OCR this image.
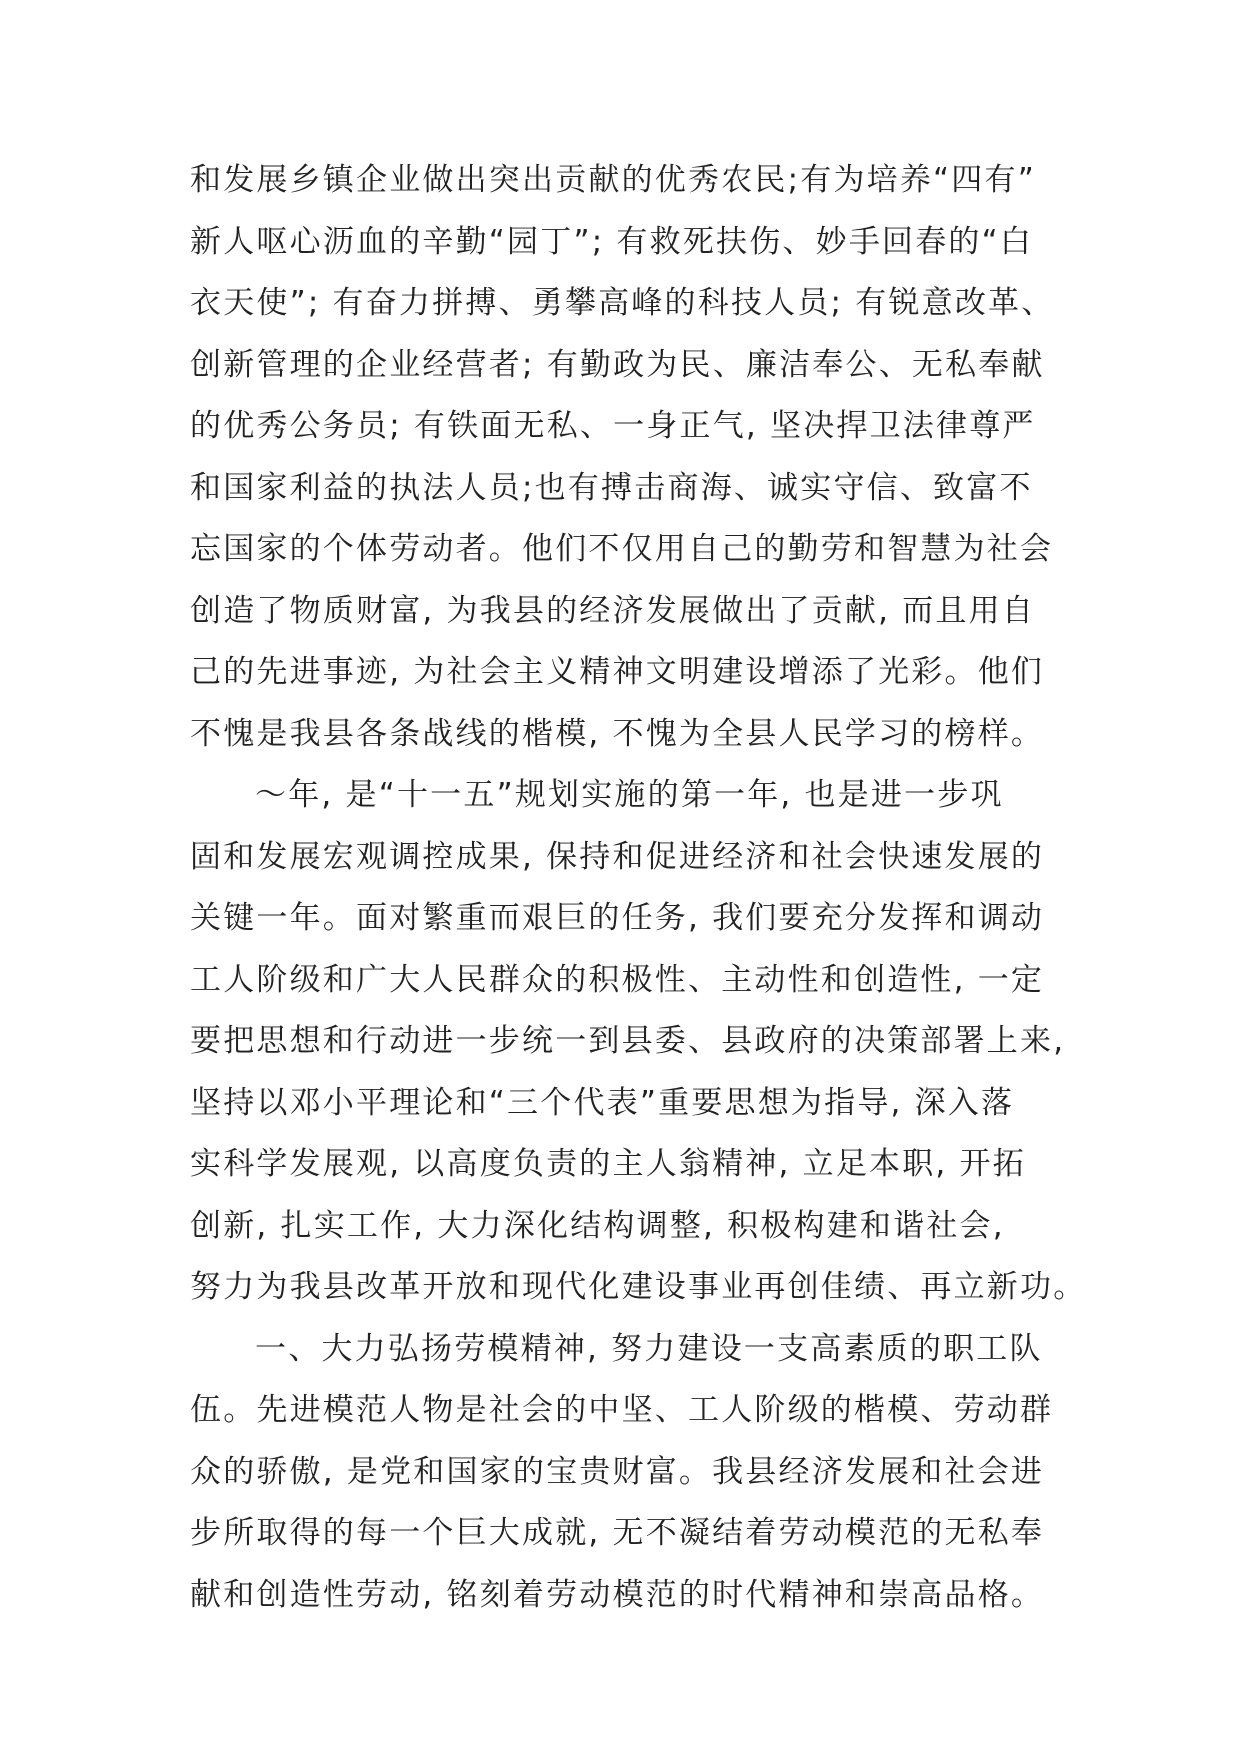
和发展乡镇企业做出突出贡献的优秀农民;有为培养“四有”
新人呕心沥血的辛勤“园丁”; 有救死扶伤、妙手回春的“白
衣天使”; 有奋力拼搏、勇攀高峰的科技人员; 有锐意改革、
创新管理的企业经营者; 有勤政为民、廉洁奉公、无私奉献
的优秀公务员; 有铁面无私、一身正气, 坚决捍卫法律尊严
和国家利益的执法人员;也有搏击商海、诚实守信、致富不
忘国家的个体劳动者。他们不仅用自己的勤劳和智慧为社会
创造了物质财富, 为我县的经济发展做出了贡献, 而且用自
己的先进事迹, 为社会主义精神文明建设增添了光彩。他们
不愧是我县各条战线的楷模, 不愧为全县人民学习的榜样。
～年, 是“十一五”规划实施的第一年, 也是进一步巩
固和发展宏观调控成果, 保持和促进经济和社会快速发展的
关键一年。面对繁重而艰巨的任务, 我们要充分发挥和调动
工人阶级和广大人民群众的积极性、主动性和创造性, 一定
要把思想和行动进一步统一到县委、县政府的决策部署上来,
坚持以邓小平理论和“三个代表”重要思想为指导, 深入落
实科学发展观, 以高度负责的主人翁精神, 立足本职, 开拓
创新, 扎实工作, 大力深化结构调整, 积极构建和谐社会,
努力为我县改革开放和现代化建设事业再创佳绩、再立新功。
一、大力弘扬劳模精神, 努力建设一支高素质的职工队
伍。先进模范人物是社会的中坚、工人阶级的楷模、劳动群
众的骄傲, 是党和国家的宝贵财富。我县经济发展和社会进
步所取得的每一个巨大成就, 无不凝结着劳动模范的无私奉
献和创造性劳动, 铭刻着劳动模范的时代精神和崇高品格。
